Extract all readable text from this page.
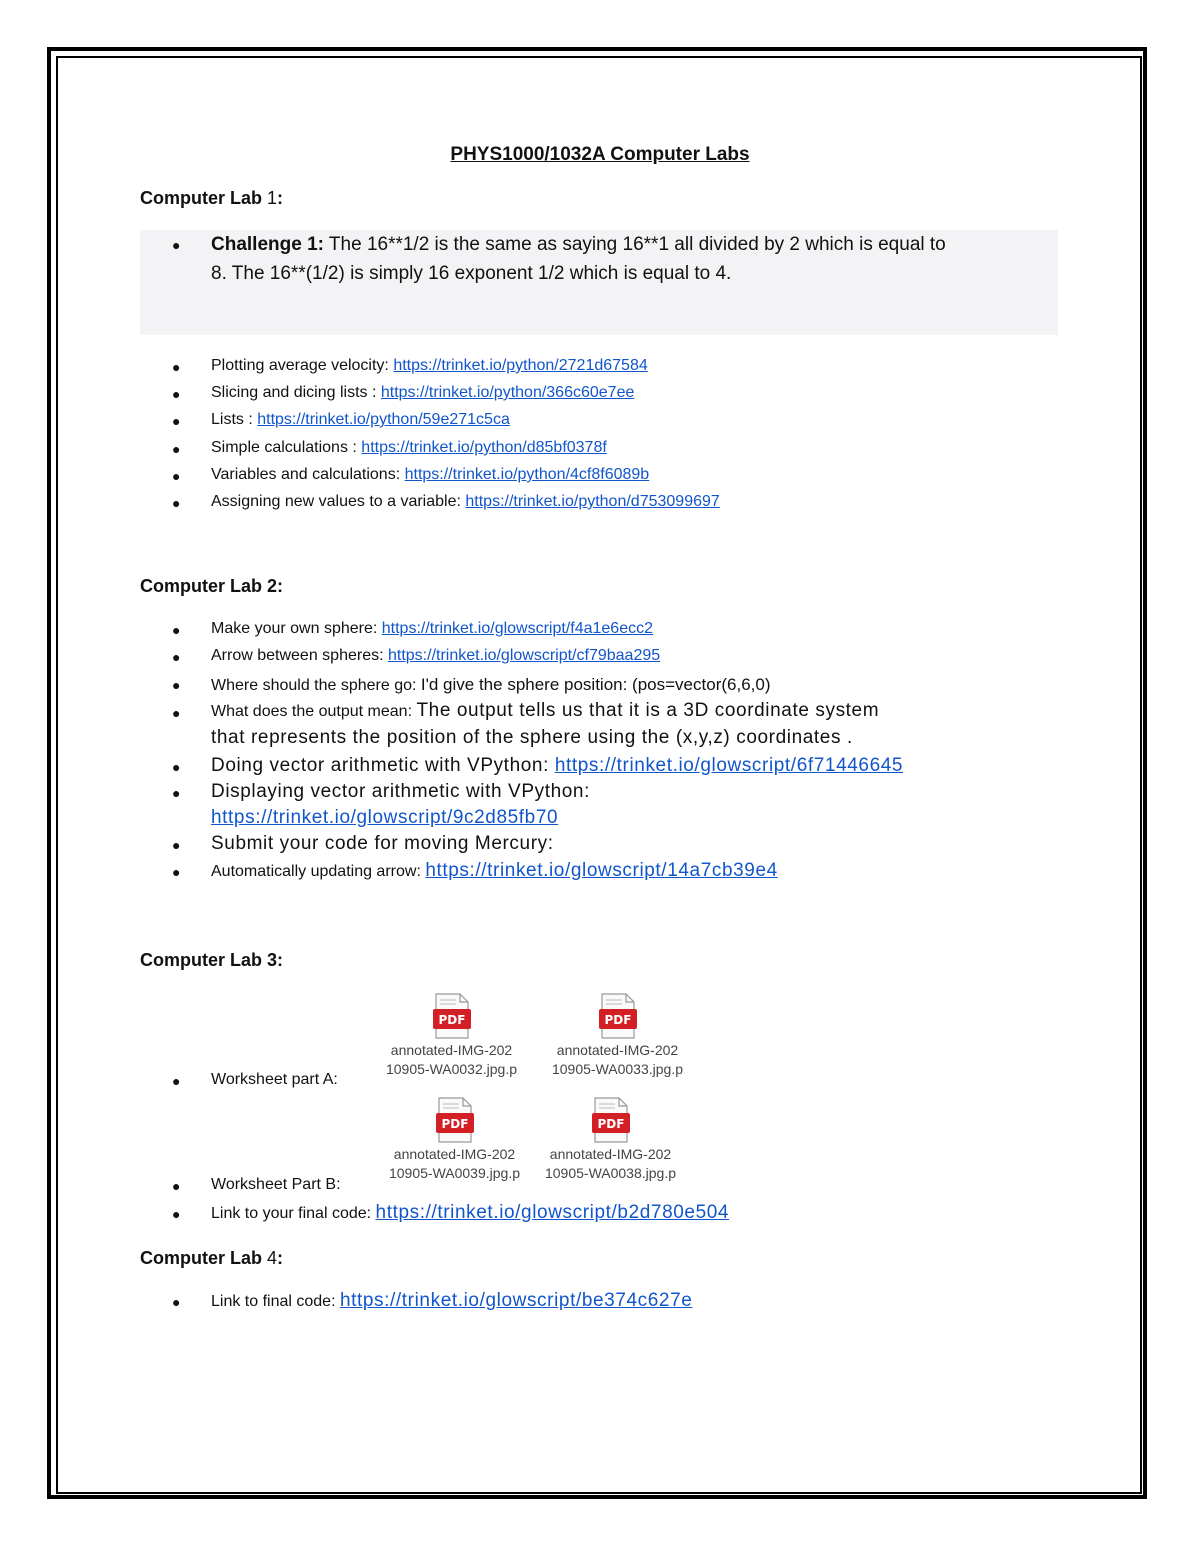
PHYS1000/1032A Computer Labs
Computer Lab 1:
● Challenge 1: The 16**1/2 is the same as saying 16**1 all divided by 2 which is equal to
8. The 16**(1/2) is simply 16 exponent 1/2 which is equal to 4.
● Plotting average velocity: https://trinket.io/python/2721d67584
● Slicing and dicing lists : https://trinket.io/python/366c60e7ee
● Lists : https://trinket.io/python/59e271c5ca
● Simple calculations : https://trinket.io/python/d85bf0378f
● Variables and calculations: https://trinket.io/python/4cf8f6089b
● Assigning new values to a variable: https://trinket.io/python/d753099697
Computer Lab 2:
● Make your own sphere: https://trinket.io/glowscript/f4a1e6ecc2
● Arrow between spheres: https://trinket.io/glowscript/cf79baa295
● Where should the sphere go: I'd give the sphere position: (pos=vector(6,6,0)
● What does the output mean: The output tells us that it is a 3D coordinate system
that represents the position of the sphere using the (x,y,z) coordinates .
● Doing vector arithmetic with VPython: https://trinket.io/glowscript/6f71446645
● Displaying vector arithmetic with VPython:
https://trinket.io/glowscript/9c2d85fb70
● Submit your code for moving Mercury:
● Automatically updating arrow: https://trinket.io/glowscript/14a7cb39e4
Computer Lab 3:
PDF
annotated-IMG-202
10905-WA0032.jpg.p
PDF
annotated-IMG-202
10905-WA0033.jpg.p
● Worksheet part A:
PDF
annotated-IMG-202
10905-WA0039.jpg.p
PDF
annotated-IMG-202
10905-WA0038.jpg.p
● Worksheet Part B:
● Link to your final code: https://trinket.io/glowscript/b2d780e504
Computer Lab 4:
● Link to final code: https://trinket.io/glowscript/be374c627e
